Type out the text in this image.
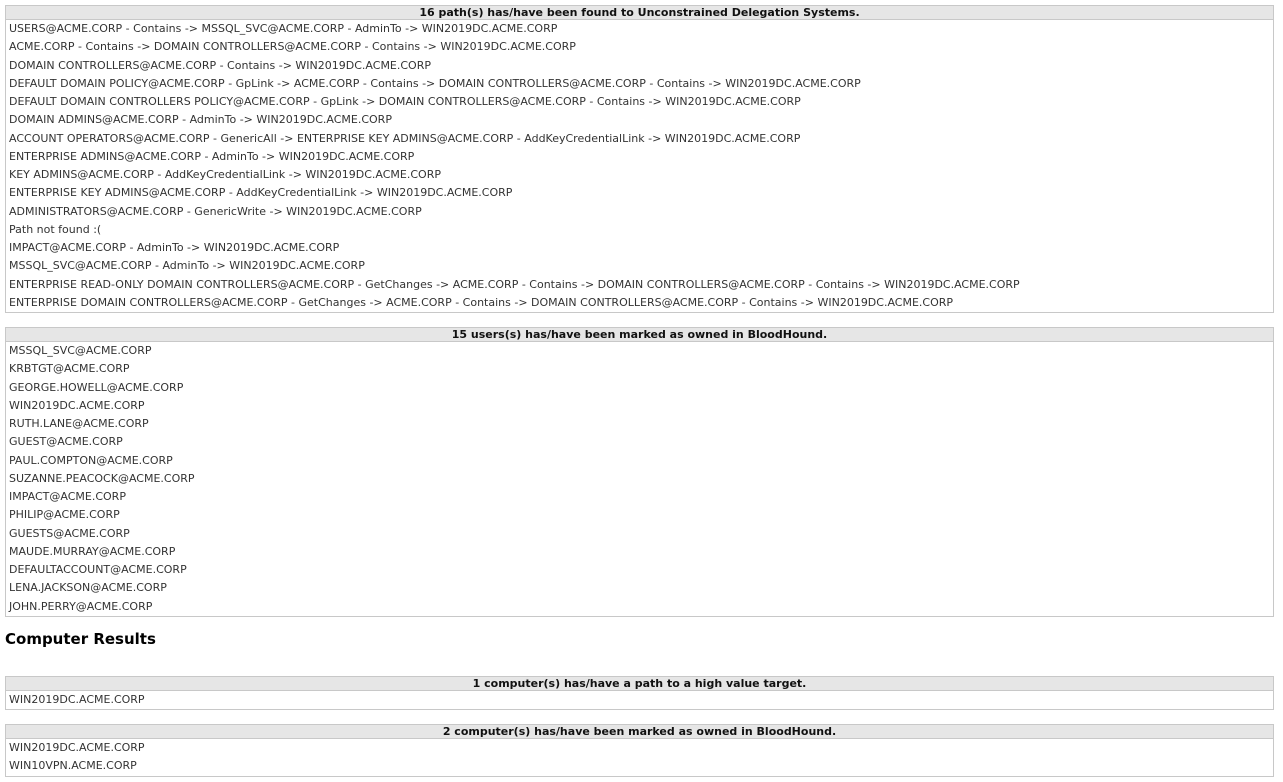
16 path(s) has/have been found to Unconstrained Delegation Systems.
USERS@ACME.CORP - Contains -> MSSQL_SVC@ACME.CORP - AdminTo -> WIN2019DC.ACME.CORP
ACME.CORP - Contains -> DOMAIN CONTROLLERS@ACME.CORP - Contains -> WIN2019DC.ACME.CORP
DOMAIN CONTROLLERS@ACME.CORP - Contains -> WIN2019DC.ACME.CORP
DEFAULT DOMAIN POLICY@ACME.CORP - GpLink -> ACME.CORP - Contains -> DOMAIN CONTROLLERS@ACME.CORP - Contains -> WIN2019DC.ACME.CORP
DEFAULT DOMAIN CONTROLLERS POLICY@ACME.CORP - GpLink -> DOMAIN CONTROLLERS@ACME.CORP - Contains -> WIN2019DC.ACME.CORP
DOMAIN ADMINS@ACME.CORP - AdminTo -> WIN2019DC.ACME.CORP
ACCOUNT OPERATORS@ACME.CORP - GenericAll -> ENTERPRISE KEY ADMINS@ACME.CORP - AddKeyCredentialLink -> WIN2019DC.ACME.CORP
ENTERPRISE ADMINS@ACME.CORP - AdminTo -> WIN2019DC.ACME.CORP
KEY ADMINS@ACME.CORP - AddKeyCredentialLink -> WIN2019DC.ACME.CORP
ENTERPRISE KEY ADMINS@ACME.CORP - AddKeyCredentialLink -> WIN2019DC.ACME.CORP
ADMINISTRATORS@ACME.CORP - GenericWrite -> WIN2019DC.ACME.CORP
Path not found :(
IMPACT@ACME.CORP - AdminTo -> WIN2019DC.ACME.CORP
MSSQL_SVC@ACME.CORP - AdminTo -> WIN2019DC.ACME.CORP
ENTERPRISE READ-ONLY DOMAIN CONTROLLERS@ACME.CORP - GetChanges -> ACME.CORP - Contains -> DOMAIN CONTROLLERS@ACME.CORP - Contains -> WIN2019DC.ACME.CORP
ENTERPRISE DOMAIN CONTROLLERS@ACME.CORP - GetChanges -> ACME.CORP - Contains -> DOMAIN CONTROLLERS@ACME.CORP - Contains -> WIN2019DC.ACME.CORP
15 users(s) has/have been marked as owned in BloodHound.
MSSQL_SVC@ACME.CORP
KRBTGT@ACME.CORP
GEORGE.HOWELL@ACME.CORP
WIN2019DC.ACME.CORP
RUTH.LANE@ACME.CORP
GUEST@ACME.CORP
PAUL.COMPTON@ACME.CORP
SUZANNE.PEACOCK@ACME.CORP
IMPACT@ACME.CORP
PHILIP@ACME.CORP
GUESTS@ACME.CORP
MAUDE.MURRAY@ACME.CORP
DEFAULTACCOUNT@ACME.CORP
LENA.JACKSON@ACME.CORP
JOHN.PERRY@ACME.CORP
Computer Results
1 computer(s) has/have a path to a high value target.
WIN2019DC.ACME.CORP
2 computer(s) has/have been marked as owned in BloodHound.
WIN2019DC.ACME.CORP
WIN10VPN.ACME.CORP
